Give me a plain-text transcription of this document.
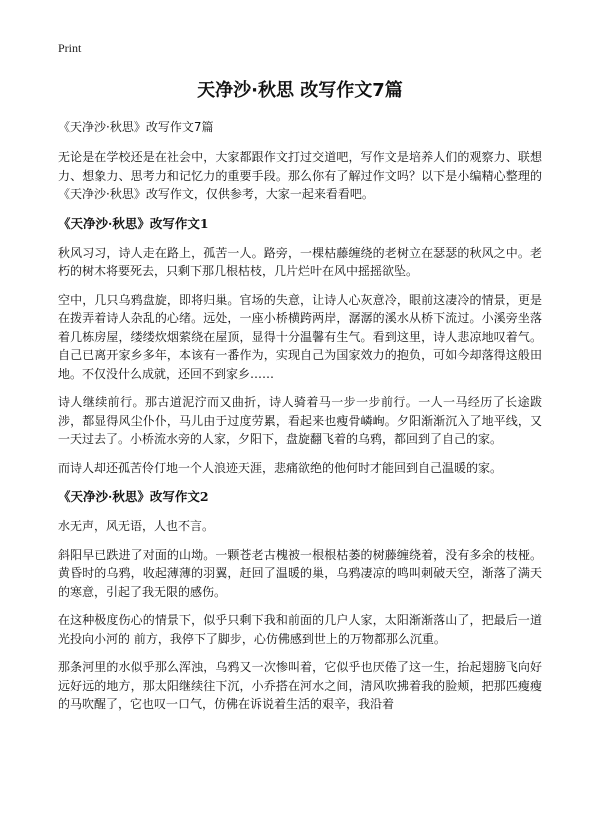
Print
天净沙·秋思 改写作文7篇
《天净沙·秋思》改写作文7篇
无论是在学校还是在社会中，大家都跟作文打过交道吧，写作文是培养人们的观察力、联想力、想象力、思考力和记忆力的重要手段。那么你有了解过作文吗？以下是小编精心整理的《天净沙·秋思》改写作文，仅供参考，大家一起来看看吧。
《天净沙·秋思》改写作文1
秋风习习，诗人走在路上，孤苦一人。路旁，一棵枯藤缠绕的老树立在瑟瑟的秋风之中。老朽的树木将要死去，只剩下那几根枯枝，几片烂叶在风中摇摇欲坠。
空中，几只乌鸦盘旋，即将归巢。官场的失意，让诗人心灰意冷，眼前这凄冷的情景，更是在拨弄着诗人杂乱的心绪。远处，一座小桥横跨两岸，潺潺的溪水从桥下流过。小溪旁坐落着几栋房屋，缕缕炊烟萦绕在屋顶，显得十分温馨有生气。看到这里，诗人悲凉地叹着气。自己已离开家乡多年，本该有一番作为，实现自己为国家效力的抱负，可如今却落得这般田地。不仅没什么成就，还回不到家乡……
诗人继续前行。那古道泥泞而又曲折，诗人骑着马一步一步前行。一人一马经历了长途跋涉，都显得风尘仆仆，马儿由于过度劳累，看起来也瘦骨嶙峋。夕阳渐渐沉入了地平线，又一天过去了。小桥流水旁的人家，夕阳下，盘旋翻飞着的乌鸦，都回到了自己的家。
而诗人却还孤苦伶仃地一个人浪迹天涯，悲痛欲绝的他何时才能回到自己温暖的家。
《天净沙·秋思》改写作文2
水无声，风无语，人也不言。
斜阳早已跌进了对面的山坳。一颗苍老古槐被一根根枯萎的树藤缠绕着，没有多余的枝桠。黄昏时的乌鸦，收起薄薄的羽翼，赶回了温暖的巢，乌鸦凄凉的鸣叫刺破天空，渐落了满天的寒意，引起了我无限的感伤。
在这种极度伤心的情景下，似乎只剩下我和前面的几户人家，太阳渐渐落山了，把最后一道光投向小河的 前方，我停下了脚步，心仿佛感到世上的万物都那么沉重。
那条河里的水似乎那么浑浊，乌鸦又一次惨叫着，它似乎也厌倦了这一生，抬起翅膀飞向好远好远的地方，那太阳继续往下沉，小乔搭在河水之间，清风吹拂着我的脸颊，把那匹瘦瘦的马吹醒了，它也叹一口气，仿佛在诉说着生活的艰辛，我沿着
